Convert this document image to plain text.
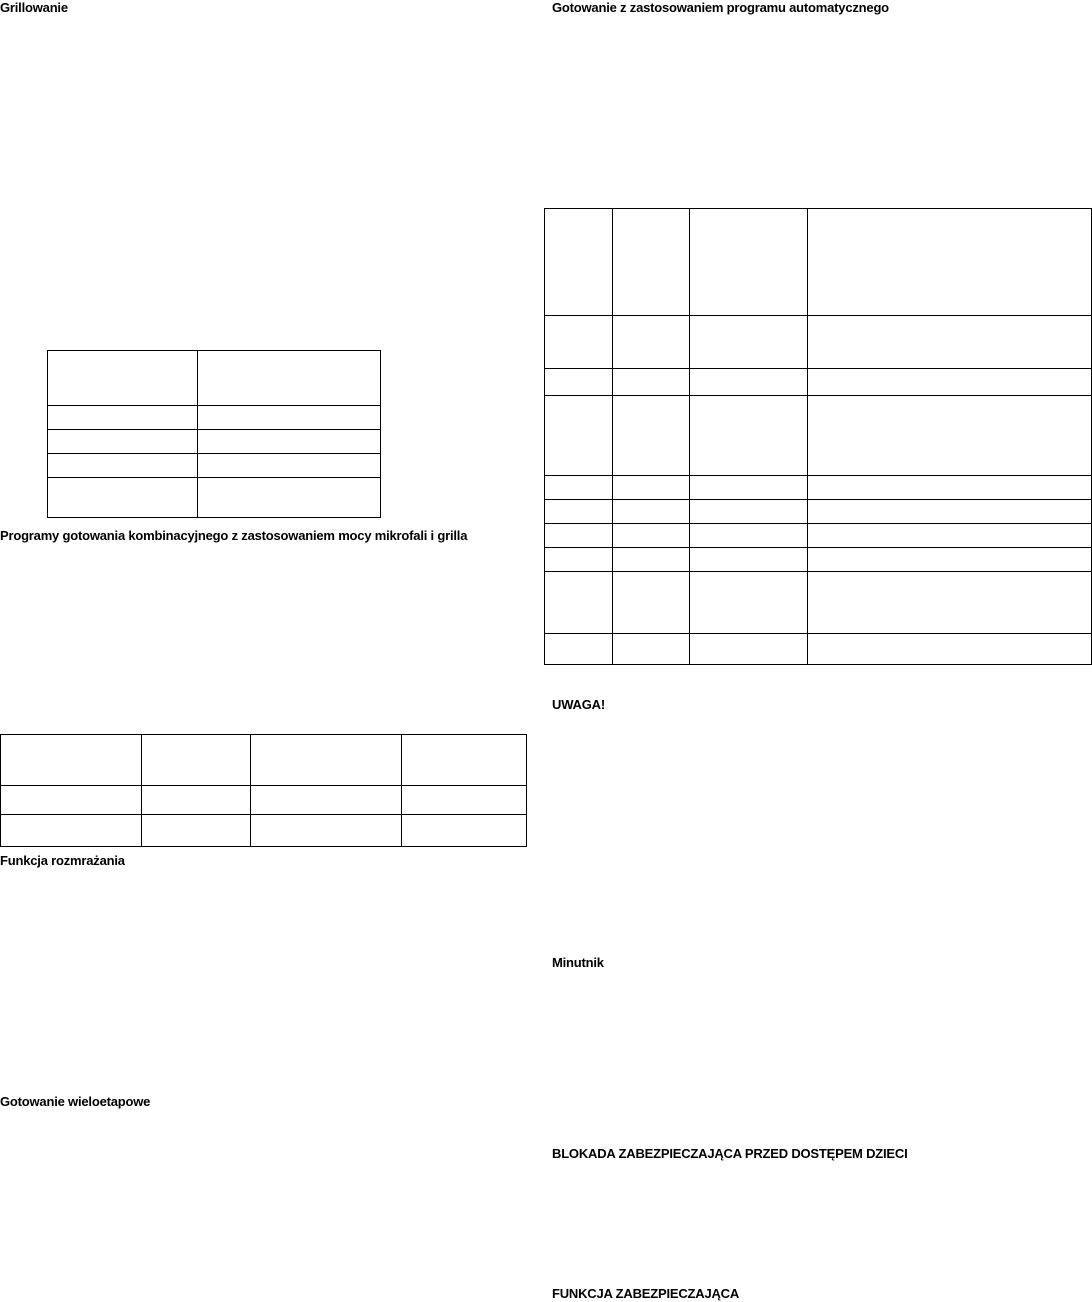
Grillowanie

Programy gotowania kombinacyjnego z zastosowaniem mocy mikrofali i grilla

Funkcja rozmrażania
Gotowanie wieloetapowe
Gotowanie z zastosowaniem programu automatycznego

UWAGA!
Minutnik
BLOKADA ZABEZPIECZAJĄCA PRZED DOSTĘPEM DZIECI
FUNKCJA ZABEZPIECZAJĄCA
